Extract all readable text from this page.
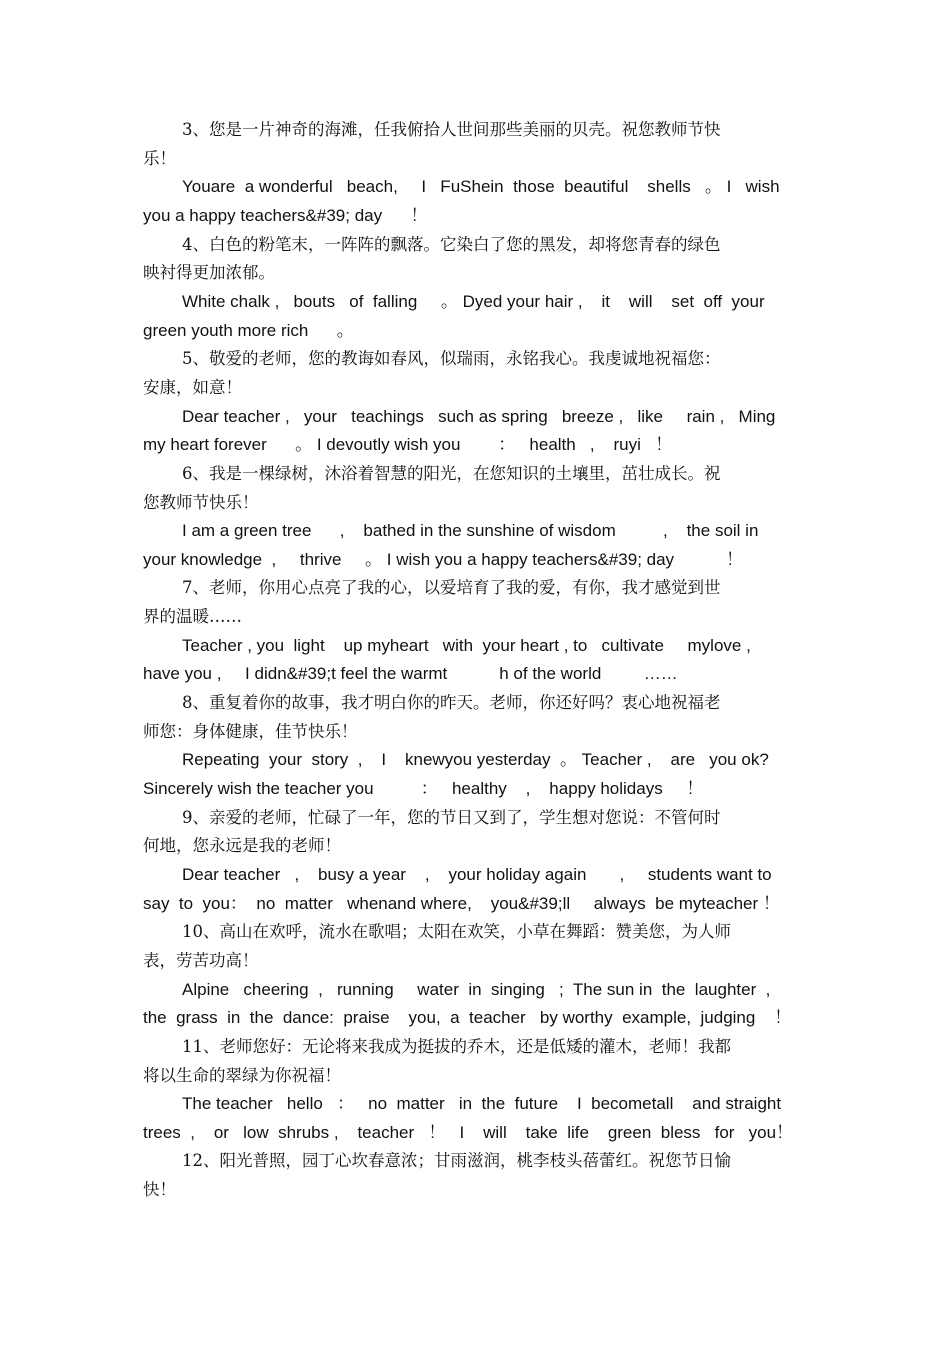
3、您是一片神奇的海滩，任我俯拾人世间那些美丽的贝壳。祝您教师节快
乐！
Youare  a wonderful   beach,     I   FuShein  those  beautiful    shells   。 I   wish
you a happy teachers&#39; day      ！
4、白色的粉笔末，一阵阵的飘落。它染白了您的黑发，却将您青春的绿色
映衬得更加浓郁。
White chalk ,   bouts   of  falling     。 Dyed your hair ,    it    will    set  off  your
green youth more rich      。
5、敬爱的老师，您的教诲如春风，似瑞雨，永铭我心。我虔诚地祝福您：
安康，如意！
Dear teacher ,   your   teachings   such as spring   breeze ,   like     rain ,   Ming
my heart forever      。 I devoutly wish you        ：   health   ,    ruyi   ！
6、我是一棵绿树，沐浴着智慧的阳光，在您知识的土壤里，茁壮成长。祝
您教师节快乐！
I am a green tree      ,    bathed in the sunshine of wisdom          ,    the soil in
your knowledge  ,     thrive     。 I wish you a happy teachers&#39; day           ！
7、老师，你用心点亮了我的心，以爱培育了我的爱，有你，我才感觉到世
界的温暖……
Teacher , you  light    up myheart   with  your heart , to   cultivate     mylove ,
have you ,     I didn&#39;t feel the warmt           h of the world         ……
8、重复着你的故事，我才明白你的昨天。老师，你还好吗？衷心地祝福老
师您：身体健康，佳节快乐！
Repeating  your  story  ,    I    knewyou yesterday  。 Teacher ,    are   you ok?
Sincerely wish the teacher you          ：   healthy    ,    happy holidays     ！
9、亲爱的老师，忙碌了一年，您的节日又到了，学生想对您说：不管何时
何地，您永远是我的老师！
Dear teacher   ,    busy a year    ,    your holiday again       ,     students want to
say  to  you：  no  matter   whenand where,    you&#39;ll     always  be myteacher ！
10、高山在欢呼，流水在歌唱；太阳在欢笑，小草在舞蹈：赞美您，为人师
表，劳苦功高！
Alpine   cheering  ,   running     water  in  singing   ;  The sun in  the  laughter  ,
the  grass  in  the  dance:  praise    you,  a  teacher   by worthy  example,  judging    ！
11、老师您好：无论将来我成为挺拔的乔木，还是低矮的灌木，老师！我都
将以生命的翠绿为你祝福！
The teacher   hello   ：   no  matter   in  the  future    I  becometall    and straight
trees  ,    or   low  shrubs ,    teacher   ！   I    will    take  life    green  bless   for   you！
12、阳光普照，园丁心坎春意浓；甘雨滋润，桃李枝头蓓蕾红。祝您节日愉
快！
